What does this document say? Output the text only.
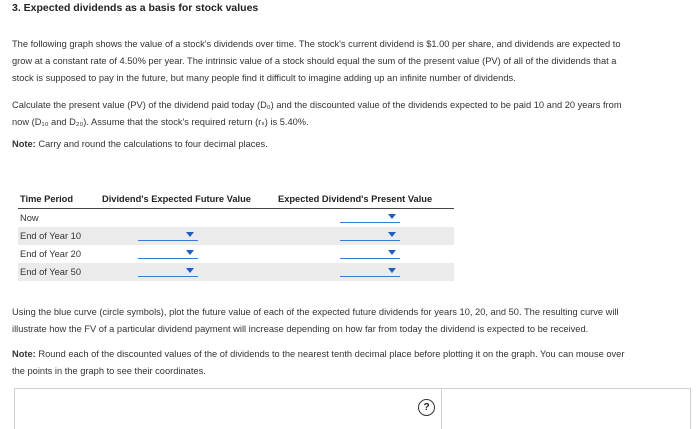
3. Expected dividends as a basis for stock values
The following graph shows the value of a stock's dividends over time. The stock's current dividend is $1.00 per share, and dividends are expected to
grow at a constant rate of 4.50% per year. The intrinsic value of a stock should equal the sum of the present value (PV) of all of the dividends that a
stock is supposed to pay in the future, but many people find it difficult to imagine adding up an infinite number of dividends.
Calculate the present value (PV) of the dividend paid today (D₀) and the discounted value of the dividends expected to be paid 10 and 20 years from
now (D₁₀ and D₂₀). Assume that the stock's required return (rₛ) is 5.40%.
Note: Carry and round the calculations to four decimal places.
Time Period	Dividend's Expected Future Value	Expected Dividend's Present Value
Now		

End of Year 10	

End of Year 20	

End of Year 50	

Using the blue curve (circle symbols), plot the future value of each of the expected future dividends for years 10, 20, and 50. The resulting curve will
illustrate how the FV of a particular dividend payment will increase depending on how far from today the dividend is expected to be received.
Note: Round each of the discounted values of the of dividends to the nearest tenth decimal place before plotting it on the graph. You can mouse over
the points in the graph to see their coordinates.
?
